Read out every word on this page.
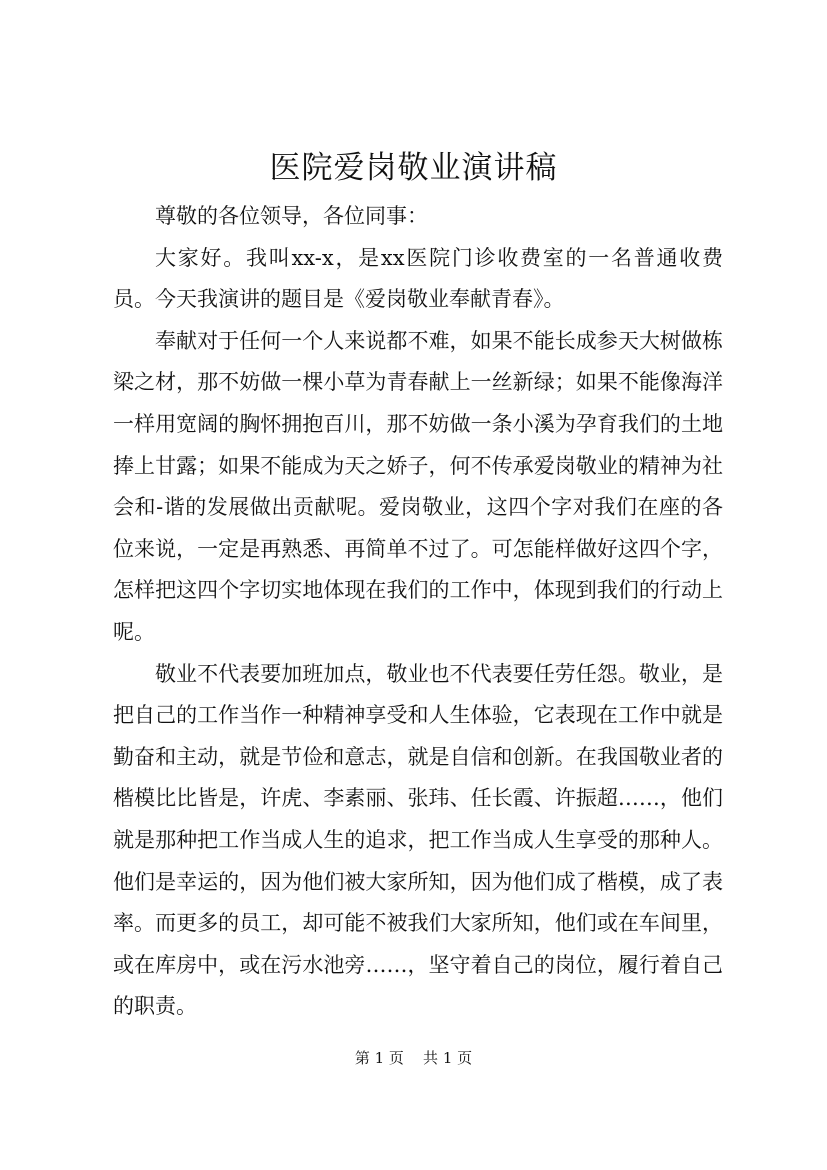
医院爱岗敬业演讲稿

尊敬的各位领导，各位同事：

大家好。我叫xx-x，是xx医院门诊收费室的一名普通收费员。今天我演讲的题目是《爱岗敬业奉献青春》。

奉献对于任何一个人来说都不难，如果不能长成参天大树做栋梁之材，那不妨做一棵小草为青春献上一丝新绿；如果不能像海洋一样用宽阔的胸怀拥抱百川，那不妨做一条小溪为孕育我们的土地捧上甘露；如果不能成为天之娇子，何不传承爱岗敬业的精神为社会和-谐的发展做出贡献呢。爱岗敬业，这四个字对我们在座的各位来说，一定是再熟悉、再简单不过了。可怎能样做好这四个字，怎样把这四个字切实地体现在我们的工作中，体现到我们的行动上呢。

敬业不代表要加班加点，敬业也不代表要任劳任怨。敬业，是把自己的工作当作一种精神享受和人生体验，它表现在工作中就是勤奋和主动，就是节俭和意志，就是自信和创新。在我国敬业者的楷模比比皆是，许虎、李素丽、张玮、任长霞、许振超……，他们就是那种把工作当成人生的追求，把工作当成人生享受的那种人。他们是幸运的，因为他们被大家所知，因为他们成了楷模，成了表率。而更多的员工，却可能不被我们大家所知，他们或在车间里，或在库房中，或在污水池旁……，坚守着自己的岗位，履行着自己的职责。

第 1 页 共 1 页
